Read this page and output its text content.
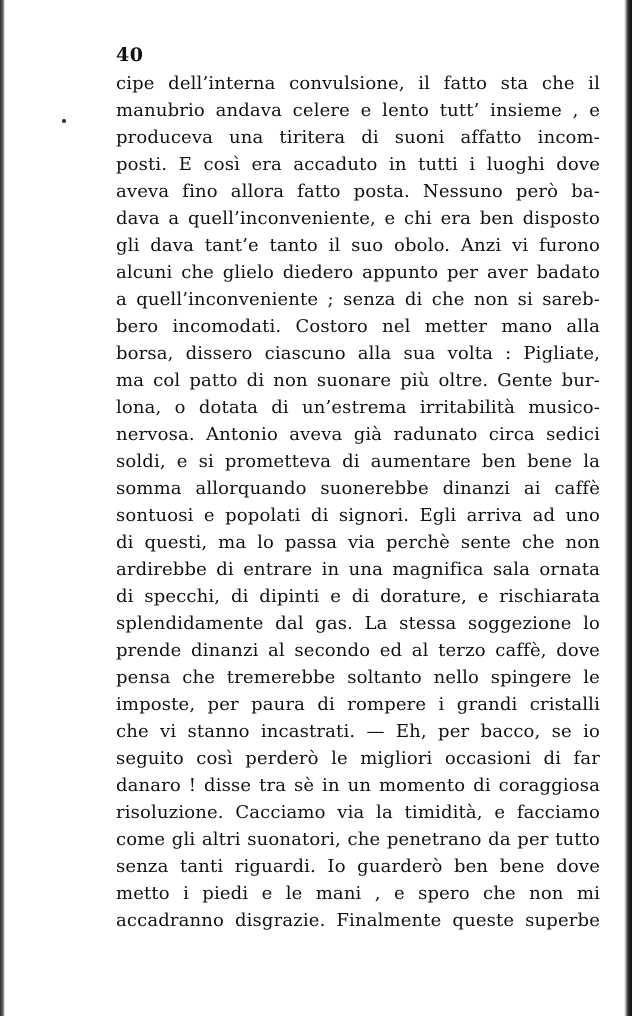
40
cipe dell’interna convulsione, il fatto sta che il
manubrio andava celere e lento tutt’ insieme , e
produceva una tiritera di suoni affatto incom-
posti. E così era accaduto in tutti i luoghi dove
aveva fino allora fatto posta. Nessuno però ba-
dava a quell’inconveniente, e chi era ben disposto
gli dava tant’e tanto il suo obolo. Anzi vi furono
alcuni che glielo diedero appunto per aver badato
a quell’inconveniente ; senza di che non si sareb-
bero incomodati. Costoro nel metter mano alla
borsa, dissero ciascuno alla sua volta : Pigliate,
ma col patto di non suonare più oltre. Gente bur-
lona, o dotata di un’estrema irritabilità musico-
nervosa. Antonio aveva già radunato circa sedici
soldi, e si prometteva di aumentare ben bene la
somma allorquando suonerebbe dinanzi ai caffè
sontuosi e popolati di signori. Egli arriva ad uno
di questi, ma lo passa via perchè sente che non
ardirebbe di entrare in una magnifica sala ornata
di specchi, di dipinti e di dorature, e rischiarata
splendidamente dal gas. La stessa soggezione lo
prende dinanzi al secondo ed al terzo caffè, dove
pensa che tremerebbe soltanto nello spingere le
imposte, per paura di rompere i grandi cristalli
che vi stanno incastrati. — Eh, per bacco, se io
seguito così perderò le migliori occasioni di far
danaro ! disse tra sè in un momento di coraggiosa
risoluzione. Cacciamo via la timidità, e facciamo
come gli altri suonatori, che penetrano da per tutto
senza tanti riguardi. Io guarderò ben bene dove
metto i piedi e le mani , e spero che non mi
accadranno disgrazie. Finalmente queste superbe
